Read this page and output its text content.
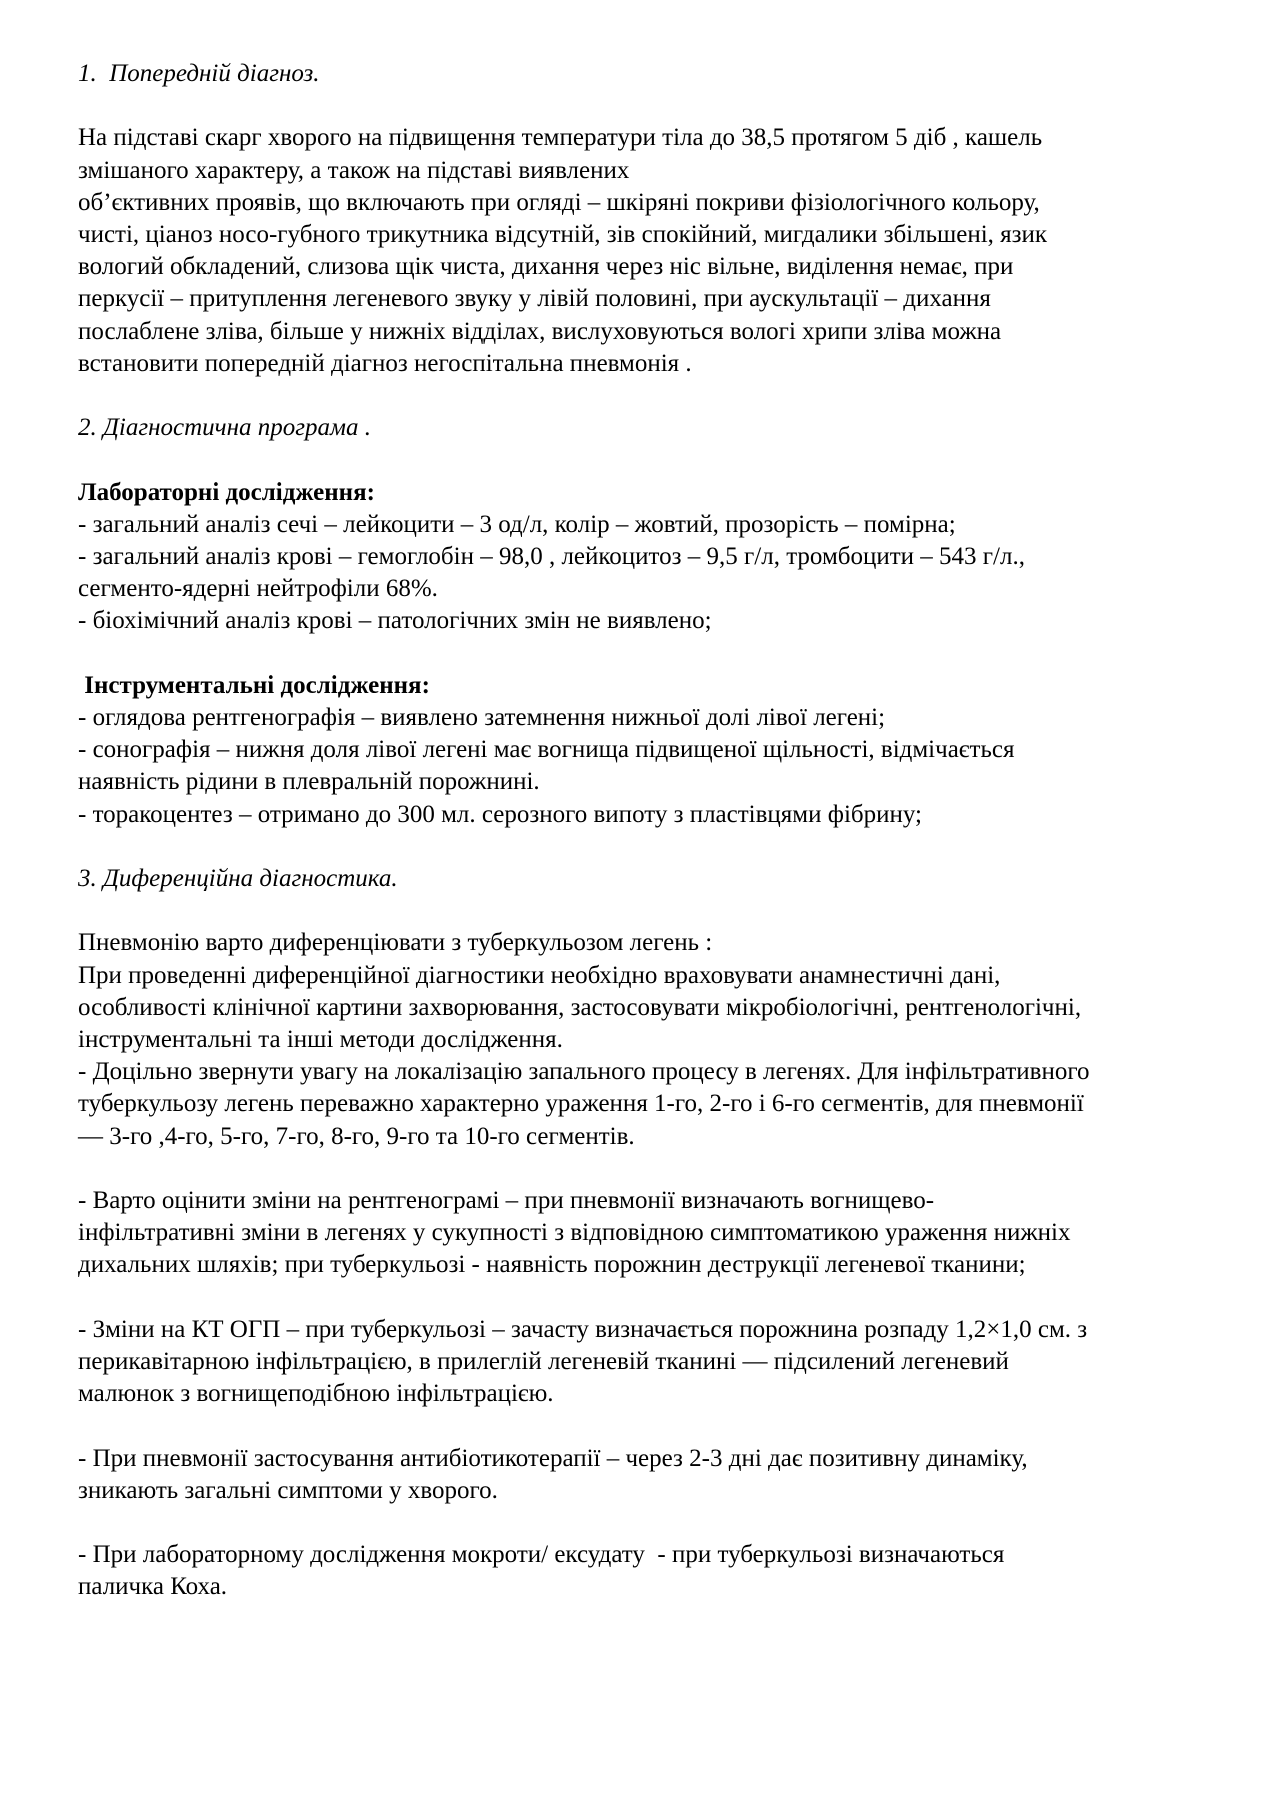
1.  Попередній діагноз.
На підставі скарг хворого на підвищення температури тіла до 38,5 протягом 5 діб , кашель
змішаного характеру, а також на підставі виявлених
об’єктивних проявів, що включають при огляді – шкіряні покриви фізіологічного кольору,
чисті, ціаноз носо-губного трикутника відсутній, зів спокійний, мигдалики збільшені, язик
вологий обкладений, слизова щік чиста, дихання через ніс вільне, виділення немає, при
перкусії – притуплення легеневого звуку у лівій половині, при аускультації – дихання
послаблене зліва, більше у нижніх відділах, вислуховуються вологі хрипи зліва можна
встановити попередній діагноз негоспітальна пневмонія .
2. Діагностична програма .
Лабораторні дослідження:
- загальний аналіз сечі – лейкоцити – 3 од/л, колір – жовтий, прозорість – помірна;
- загальний аналіз крові – гемоглобін – 98,0 , лейкоцитоз – 9,5 г/л, тромбоцити – 543 г/л.,
сегменто-ядерні нейтрофіли 68%.
- біохімічний аналіз крові – патологічних змін не виявлено;
Інструментальні дослідження:
- оглядова рентгенографія – виявлено затемнення нижньої долі лівої легені;
- сонографія – нижня доля лівої легені має вогнища підвищеної щільності, відмічається
наявність рідини в плевральній порожнині.
- торакоцентез – отримано до 300 мл. серозного випоту з пластівцями фібрину;
3. Диференційна діагностика.
Пневмонію варто диференціювати з туберкульозом легень :
При проведенні диференційної діагностики необхідно враховувати анамнестичні дані,
особливості клінічної картини захворювання, застосовувати мікробіологічні, рентгенологічні,
інструментальні та інші методи дослідження.
- Доцільно звернути увагу на локалізацію запального процесу в легенях. Для інфільтративного
туберкульозу легень переважно характерно ураження 1-го, 2-го і 6-го сегментів, для пневмонії
— 3-го ,4-го, 5-го, 7-го, 8-го, 9-го та 10-го сегментів.
- Варто оцінити зміни на рентгенограмі – при пневмонії визначають вогнищево-
інфільтративні зміни в легенях у сукупності з відповідною симптоматикою ураження нижніх
дихальних шляхів; при туберкульозі - наявність порожнин деструкції легеневої тканини;
- Зміни на КТ ОГП – при туберкульозі – зачасту визначається порожнина розпаду 1,2×1,0 см. з
перикавітарною інфільтрацією, в прилеглій легеневій тканині — підсилений легеневий
малюнок з вогнищеподібною інфільтрацією.
- При пневмонії застосування антибіотикотерапії – через 2-3 дні дає позитивну динаміку,
зникають загальні симптоми у хворого.
- При лабораторному дослідження мокроти/ ексудату  - при туберкульозі визначаються
паличка Коха.
